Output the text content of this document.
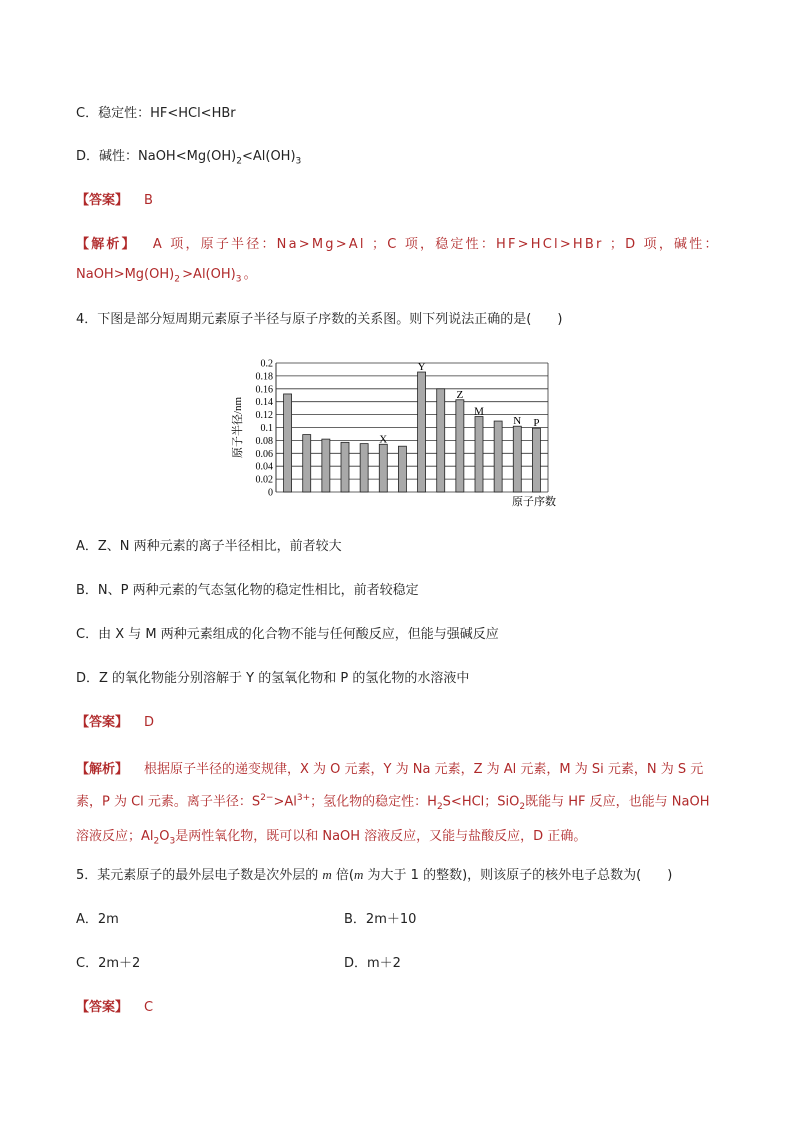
C．稳定性：HF<HCl<HBr
D．碱性：$NaOH<Mg(OH)_2<Al(OH)_3$
【答案】 B
【解析】 A 项，原子半径：Na>Mg>Al ；C 项，稳定性：HF>HCl>HBr ；D 项，碱性：
$NaOH>Mg(OH)_2>Al(OH)_3$。
4．下图是部分短周期元素原子半径与原子序数的关系图。则下列说法正确的是(　　)
X
Y
Z
M
N P
0
0.02
0.04
0.06
0.08
0.1
0.12
0.14
0.16
0.18
0.2
原子半径/nm
原子序数
A．Z、N 两种元素的离子半径相比，前者较大
B．N、P 两种元素的气态氢化物的稳定性相比，前者较稳定
C．由 X 与 M 两种元素组成的化合物不能与任何酸反应，但能与强碱反应
D．Z 的氧化物能分别溶解于 Y 的氢氧化物和 P 的氢化物的水溶液中
【答案】 D
【解析】 根据原子半径的递变规律，X 为 O 元素，Y 为 Na 元素，Z 为 Al 元素，M 为 Si 元素，N 为 S 元
素，P 为 Cl 元素。离子半径：$S^{2-}>Al^{3+}$；氢化物的稳定性：$H_2S<HCl$；SiO$_2$既能与 HF 反应，也能与 NaOH
溶液反应；$Al_2O_3$是两性氧化物，既可以和 NaOH 溶液反应，又能与盐酸反应，D 正确。
5．某元素原子的最外层电子数是次外层的 m 倍(m 为大于 1 的整数)，则该原子的核外电子总数为(　　)
A．2m	B．2m＋10
C．2m＋2	D．m＋2
【答案】 C
